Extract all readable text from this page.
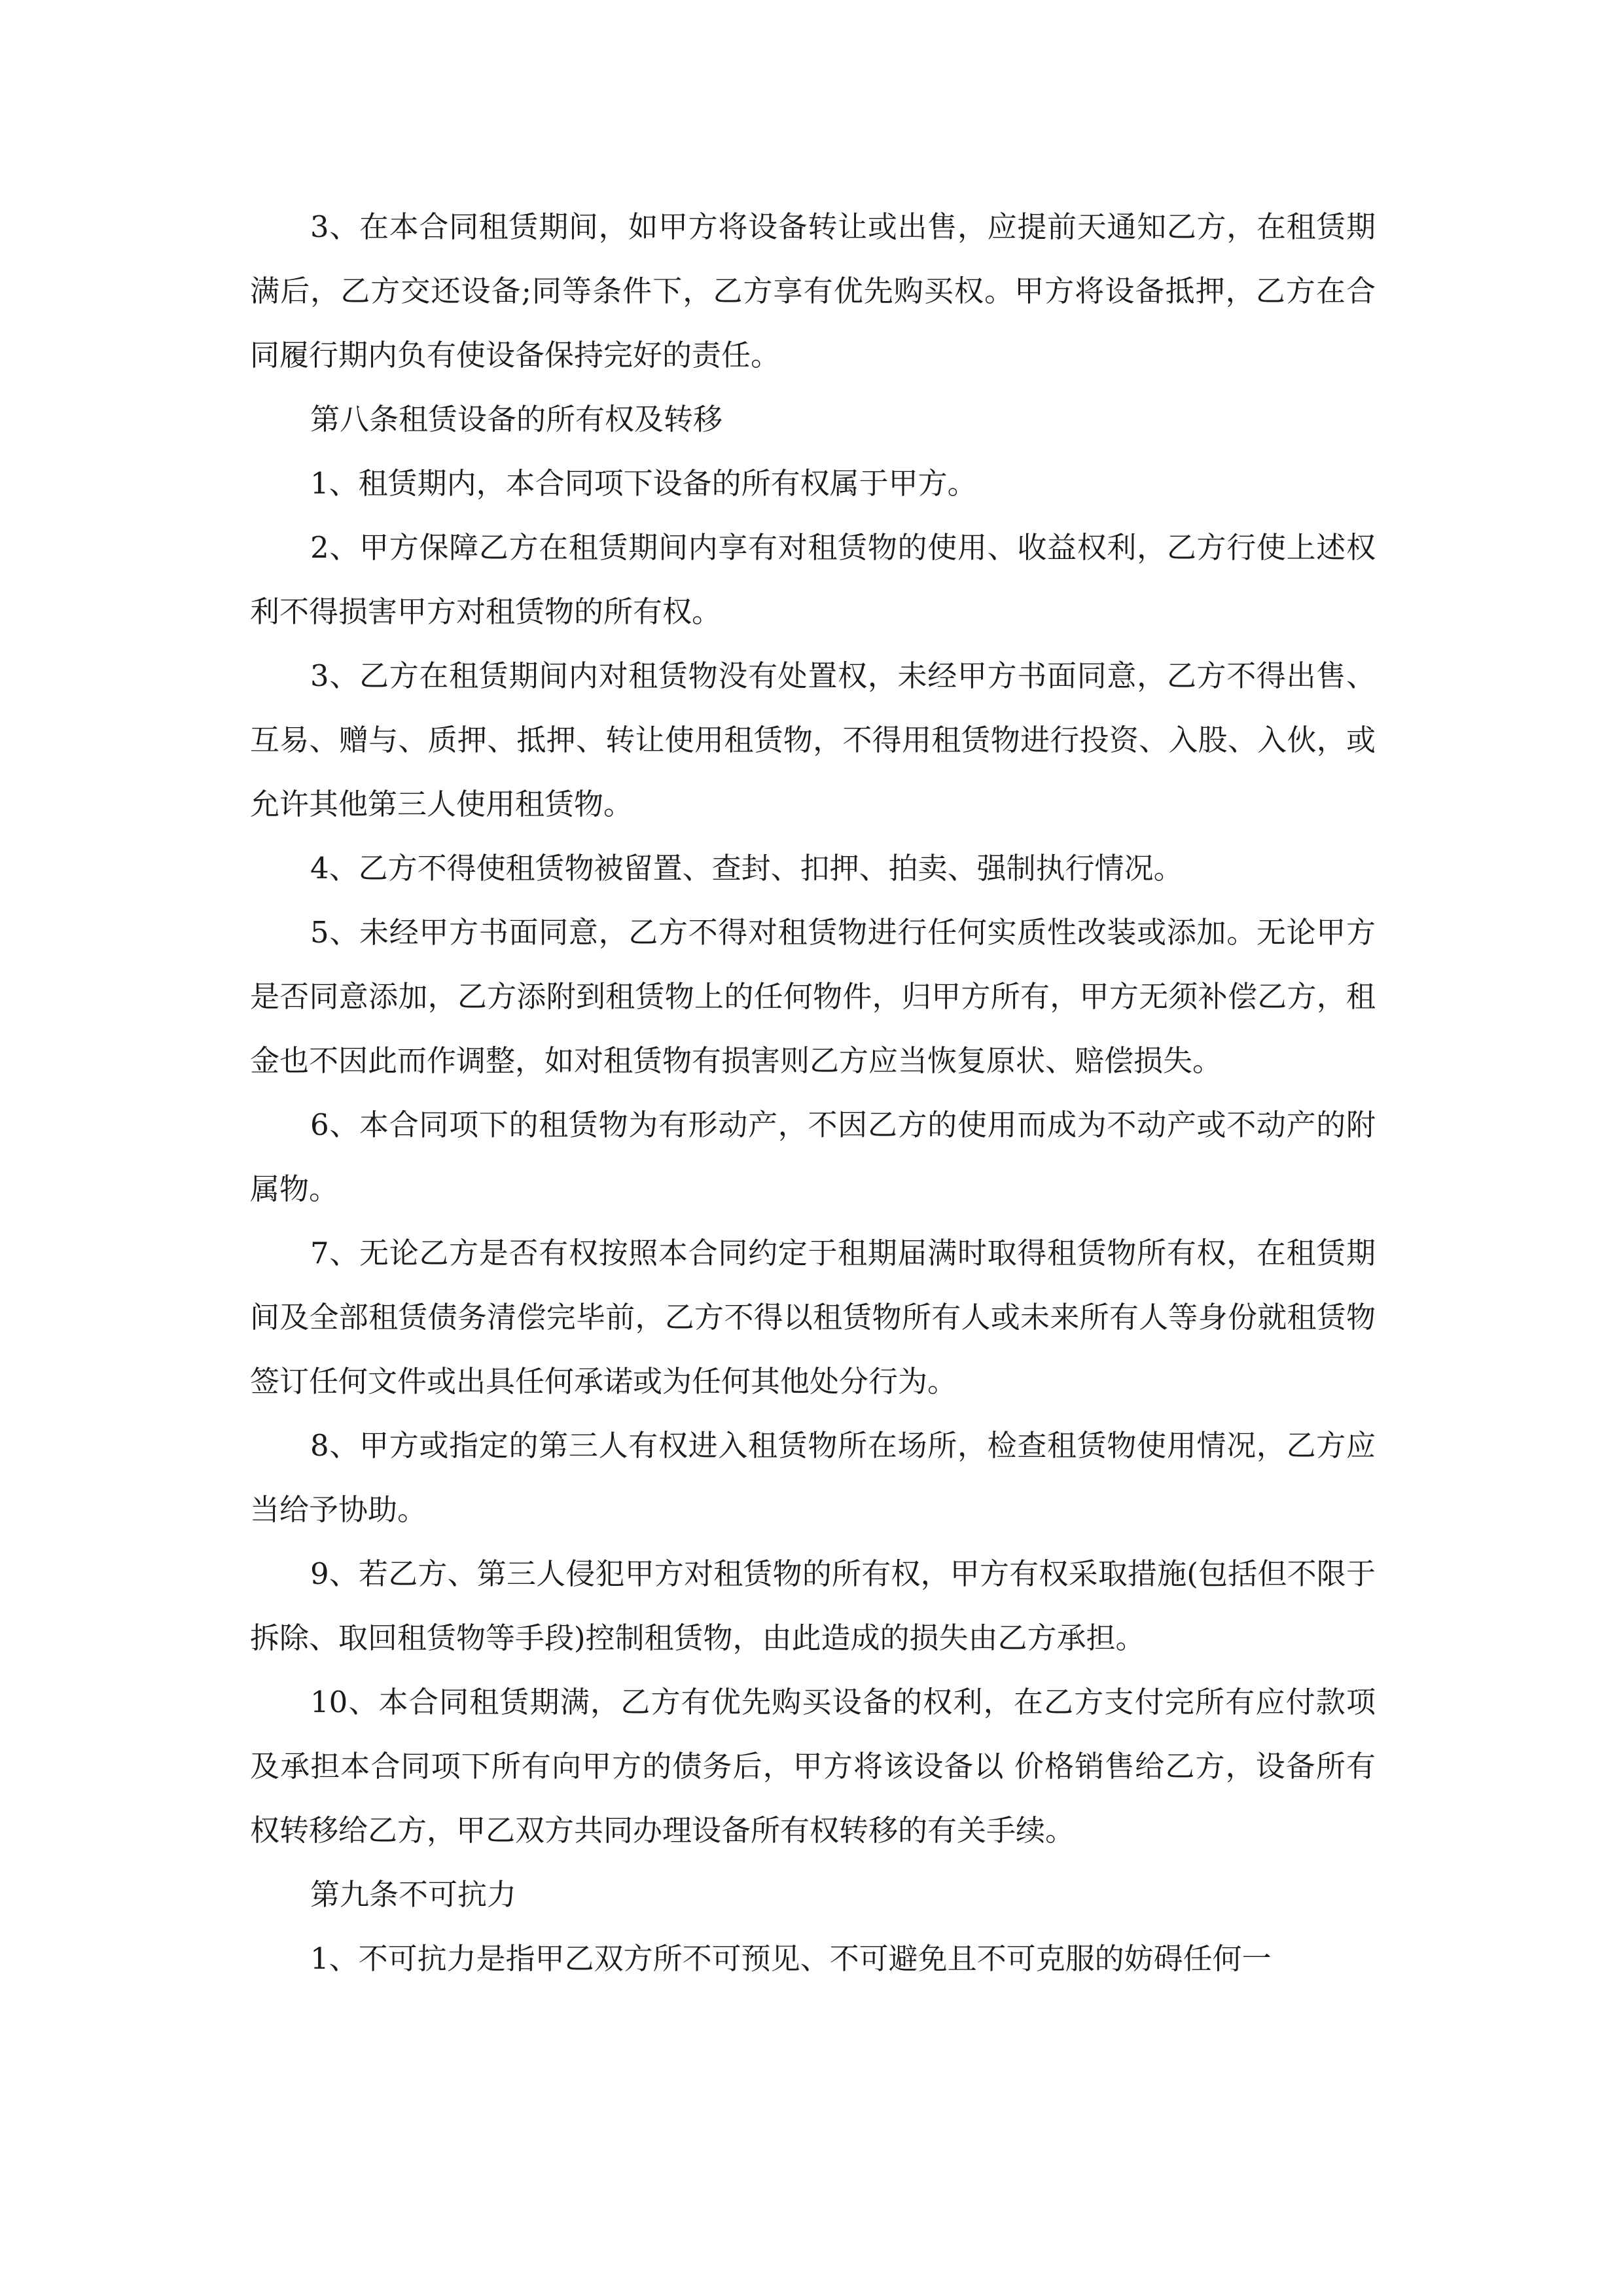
3、在本合同租赁期间，如甲方将设备转让或出售，应提前天通知乙方，在租赁期满后，乙方交还设备;同等条件下，乙方享有优先购买权。甲方将设备抵押，乙方在合同履行期内负有使设备保持完好的责任。

第八条租赁设备的所有权及转移

1、租赁期内，本合同项下设备的所有权属于甲方。

2、甲方保障乙方在租赁期间内享有对租赁物的使用、收益权利，乙方行使上述权利不得损害甲方对租赁物的所有权。

3、乙方在租赁期间内对租赁物没有处置权，未经甲方书面同意，乙方不得出售、互易、赠与、质押、抵押、转让使用租赁物，不得用租赁物进行投资、入股、入伙，或允许其他第三人使用租赁物。

4、乙方不得使租赁物被留置、查封、扣押、拍卖、强制执行情况。

5、未经甲方书面同意，乙方不得对租赁物进行任何实质性改装或添加。无论甲方是否同意添加，乙方添附到租赁物上的任何物件，归甲方所有，甲方无须补偿乙方，租金也不因此而作调整，如对租赁物有损害则乙方应当恢复原状、赔偿损失。

6、本合同项下的租赁物为有形动产，不因乙方的使用而成为不动产或不动产的附属物。

7、无论乙方是否有权按照本合同约定于租期届满时取得租赁物所有权，在租赁期间及全部租赁债务清偿完毕前，乙方不得以租赁物所有人或未来所有人等身份就租赁物签订任何文件或出具任何承诺或为任何其他处分行为。

8、甲方或指定的第三人有权进入租赁物所在场所，检查租赁物使用情况，乙方应当给予协助。

9、若乙方、第三人侵犯甲方对租赁物的所有权，甲方有权采取措施(包括但不限于拆除、取回租赁物等手段)控制租赁物，由此造成的损失由乙方承担。

10、本合同租赁期满，乙方有优先购买设备的权利，在乙方支付完所有应付款项及承担本合同项下所有向甲方的债务后，甲方将该设备以 价格销售给乙方，设备所有权转移给乙方，甲乙双方共同办理设备所有权转移的有关手续。

第九条不可抗力

1、不可抗力是指甲乙双方所不可预见、不可避免且不可克服的妨碍任何一
